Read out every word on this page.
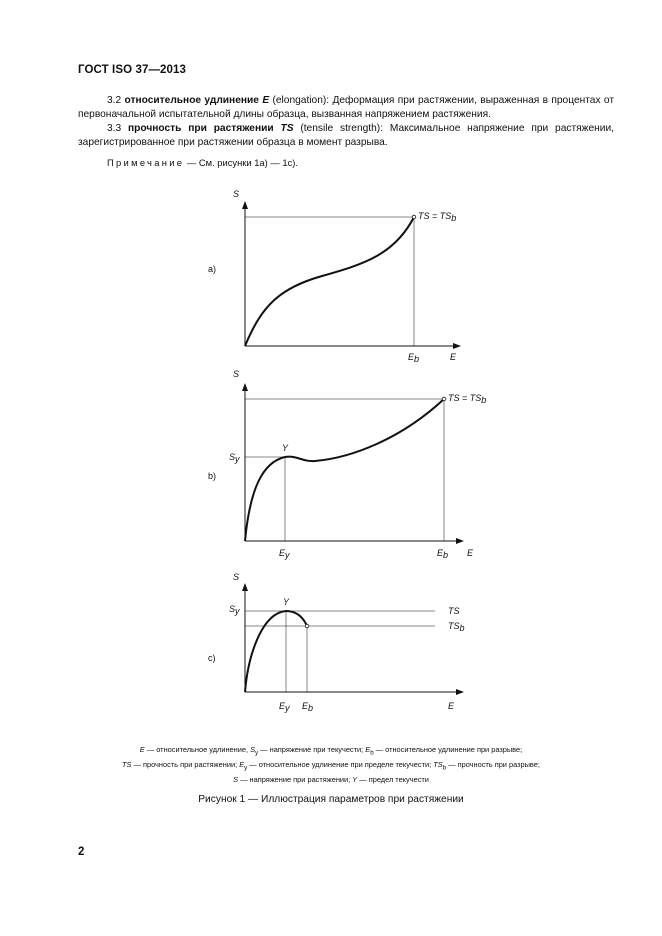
ГОСТ ISO 37—2013
3.2 относительное удлинение E (elongation): Деформация при растяжении, выраженная в процентах от первоначальной испытательной длины образца, вызванная напряжением растяжения.
3.3 прочность при растяжении TS (tensile strength): Максимальное напряжение при растяжении, зарегистрированное при растяжении образца в момент разрыва.
Примечание — См. рисунки 1а) — 1с).
S
E
a)
Eb
TS = TSb
S
E
b)
Y
Sy
Ey	Eb
TS = TSb
S
E
c)
Y
Sy
Ey Eb
TS
TSb
E — относительное удлинение, $S_y$ — напряжение при текучести; $E_b$ — относительное удлинение при разрыве;
TS — прочность при растяжении; $E_y$ — относительное удлинение при пределе текучести; $TS_b$ — прочность при разрыве;
S — напряжение при растяжении; Y — предел текучести
Рисунок 1 — Иллюстрация параметров при растяжении
2
